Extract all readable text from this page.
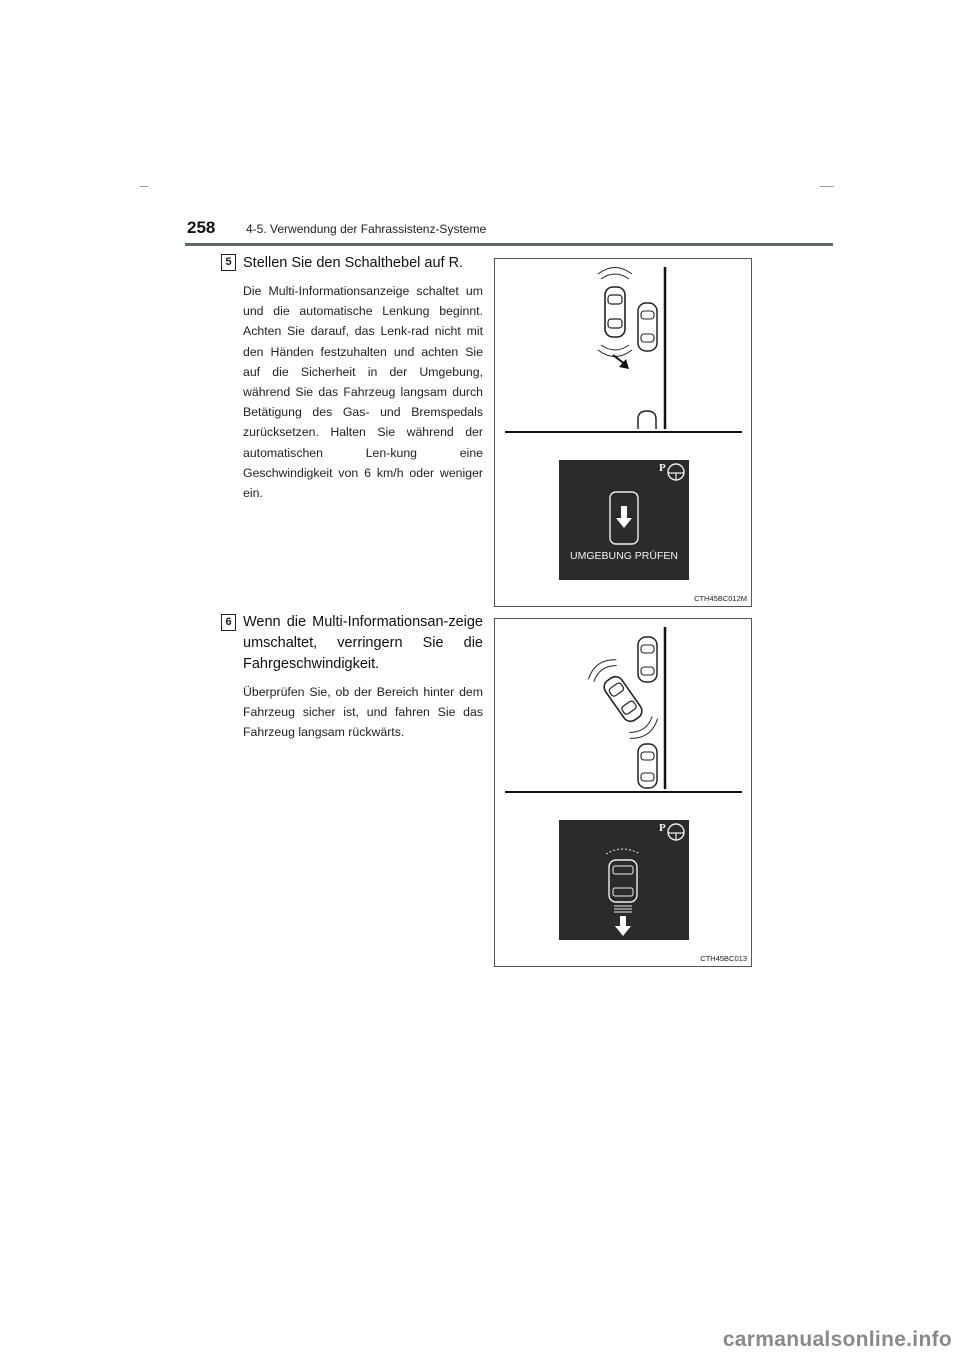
258	4-5. Verwendung der Fahrassistenz-Systeme
5 Stellen Sie den Schalthebel auf R.
Die Multi-Informationsanzeige schaltet um und die automatische Lenkung beginnt. Achten Sie darauf, das Lenk-rad nicht mit den Händen festzuhalten und achten Sie auf die Sicherheit in der Umgebung, während Sie das Fahrzeug langsam durch Betätigung des Gas- und Bremspedals zurücksetzen. Halten Sie während der automatischen Len-kung eine Geschwindigkeit von 6 km/h oder weniger ein.
P
UMGEBUNG PRÜFEN
CTH45BC012M
6 Wenn die Multi-Informationsan-zeige umschaltet, verringern Sie die Fahrgeschwindigkeit.
Überprüfen Sie, ob der Bereich hinter dem Fahrzeug sicher ist, und fahren Sie das Fahrzeug langsam rückwärts.
P
CTH45BC013
carmanualsonline.info
